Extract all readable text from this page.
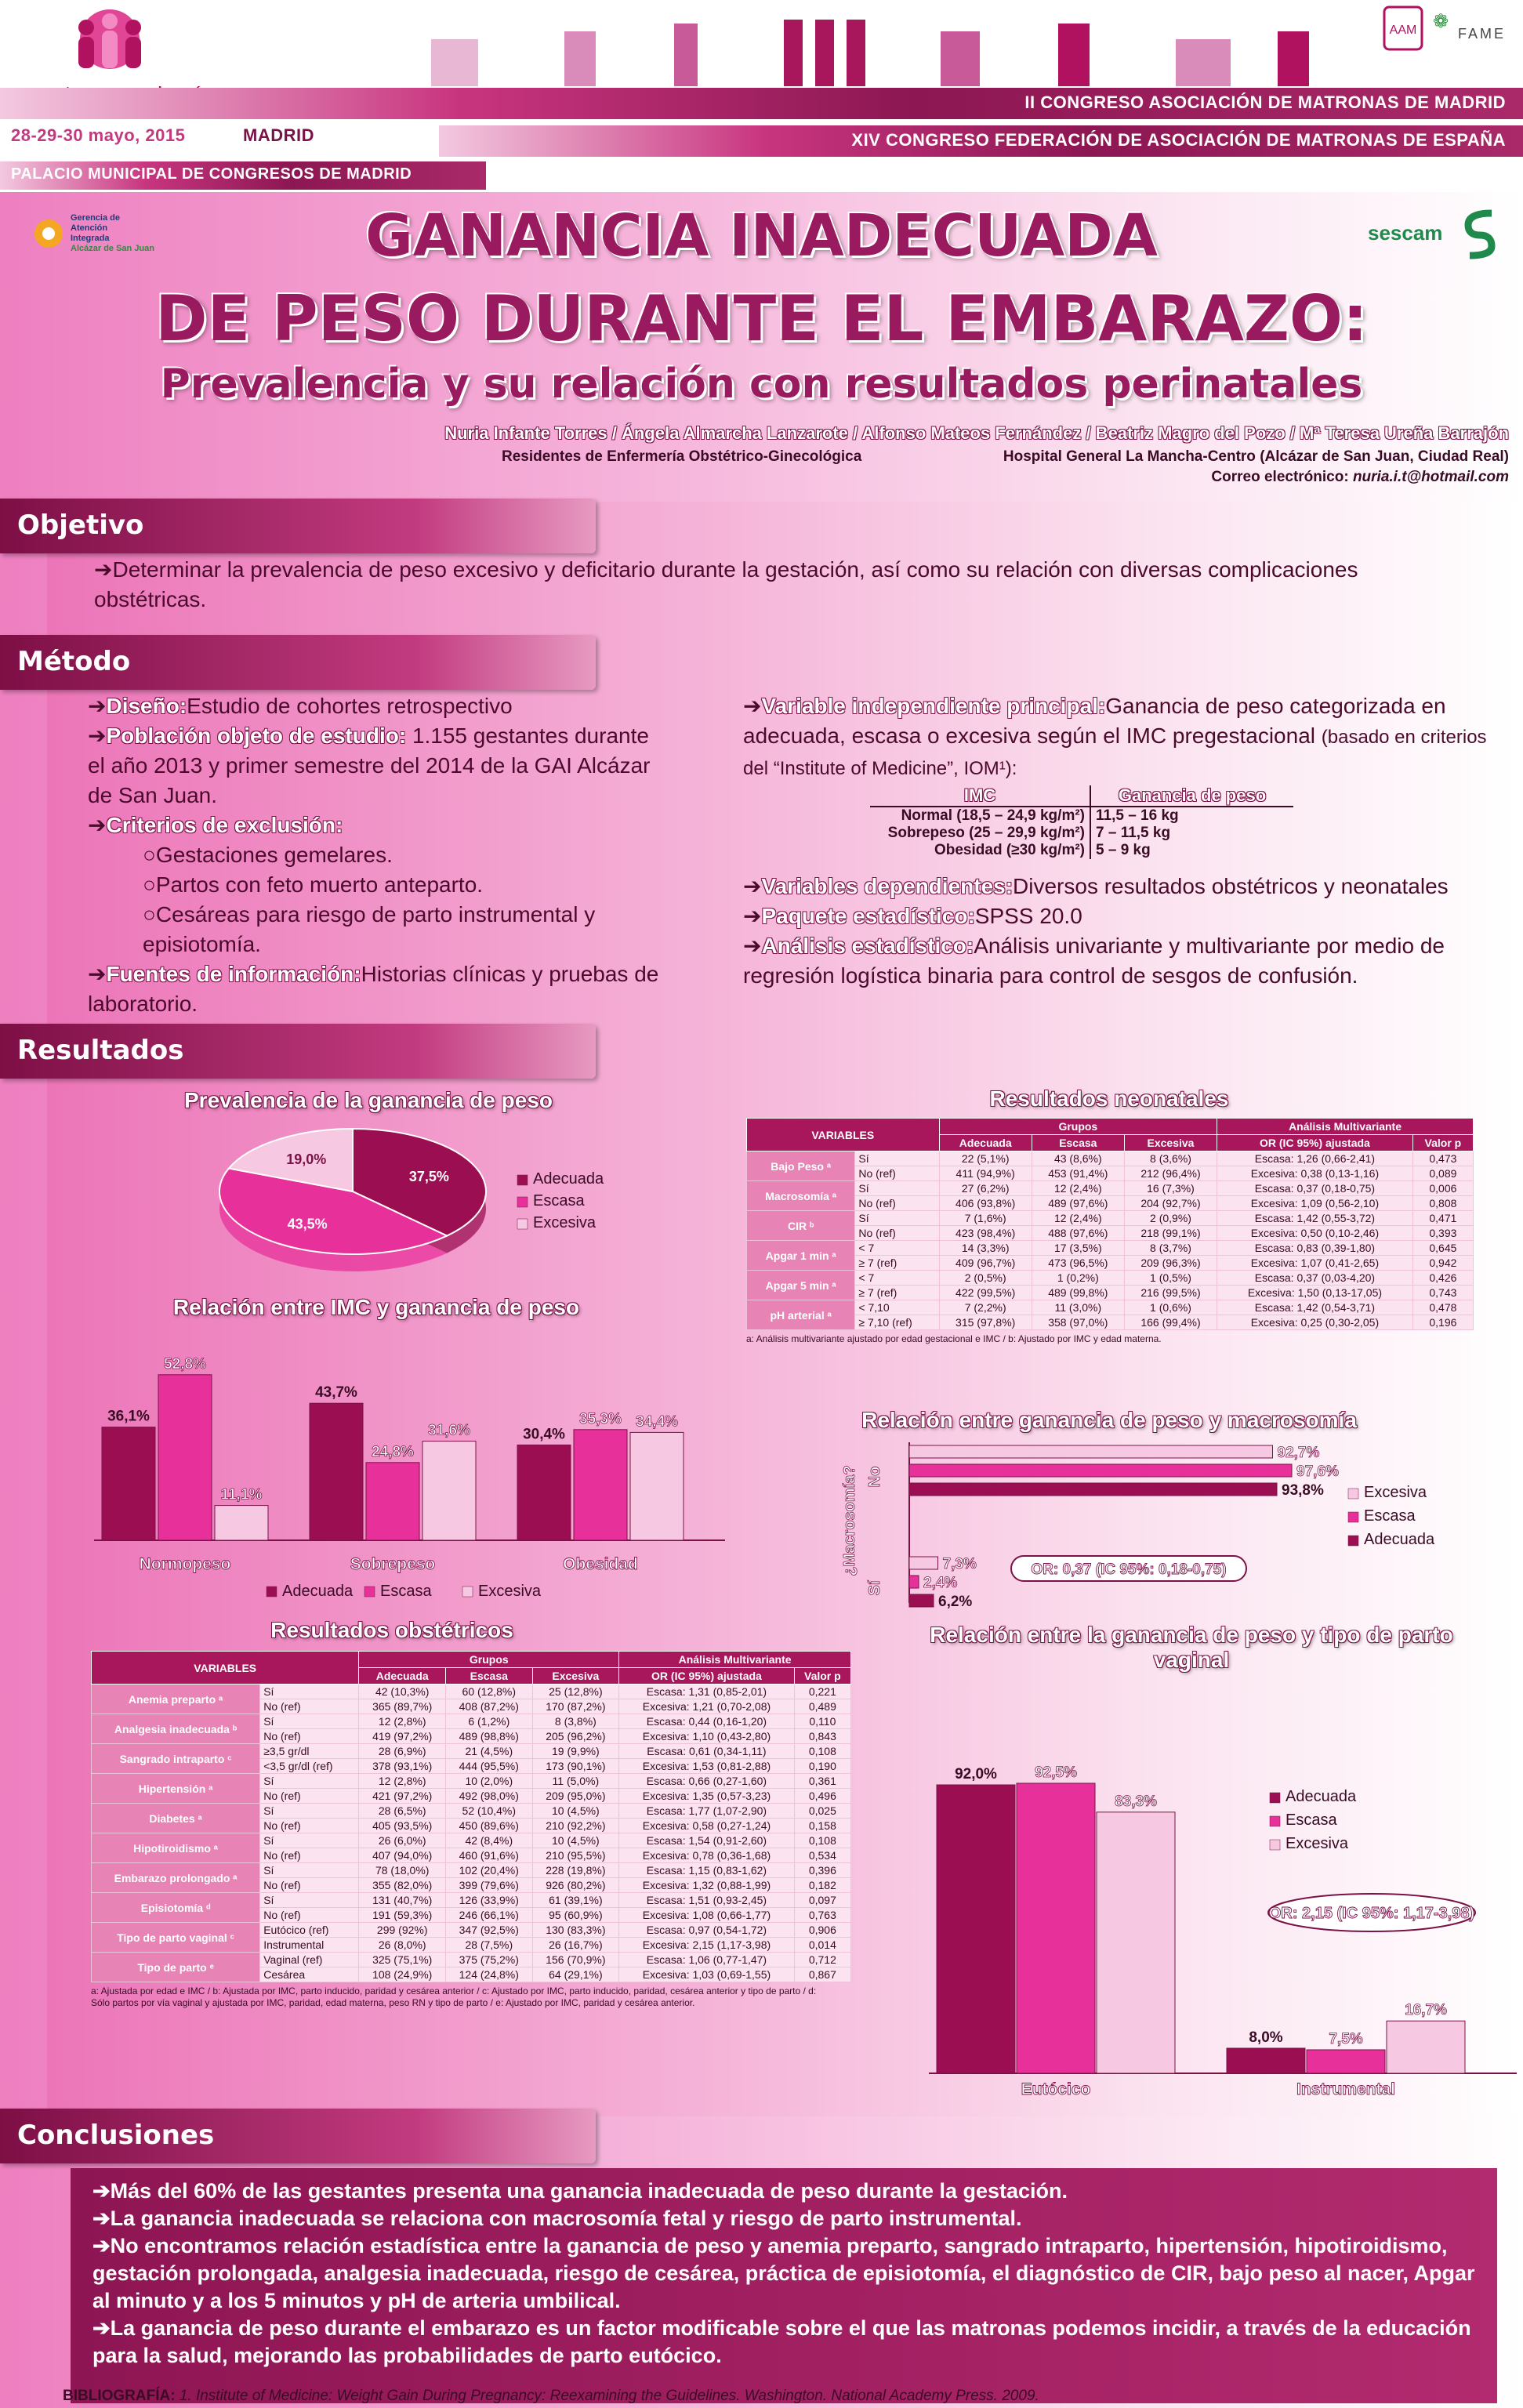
AAM ❁
FAME
II CONGRESO ASOCIACIÓN DE MATRONAS DE MADRID
28-29-30 mayo, 2015	MADRID	XIV CONGRESO FEDERACIÓN DE ASOCIACIÓN DE MATRONAS DE ESPAÑA
PALACIO MUNICIPAL DE CONGRESOS DE MADRID
Gerencia de
Atención
Integrada
Alcázar de San Juan
sescam
GANANCIA INADECUADA
DE PESO DURANTE EL EMBARAZO:
Prevalencia y su relación con resultados perinatales
Nuria Infante Torres / Ángela Almarcha Lanzarote / Alfonso Mateos Fernández / Beatriz Magro del Pozo / Mª Teresa Ureña Barrajón
Residentes de Enfermería Obstétrico-Ginecológica	Hospital General La Mancha-Centro (Alcázar de San Juan, Ciudad Real)
Correo electrónico: nuria.i.t@hotmail.com
Objetivo
➔Determinar la prevalencia de peso excesivo y deficitario durante la gestación, así como su relación con diversas complicaciones obstétricas.
Método
➔Diseño:Estudio de cohortes retrospectivo
➔Población objeto de estudio: 1.155 gestantes durante el año 2013 y primer semestre del 2014 de la GAI Alcázar de San Juan.
➔Criterios de exclusión:
○Gestaciones gemelares.
○Partos con feto muerto anteparto.
○Cesáreas para riesgo de parto instrumental y episiotomía.
➔Fuentes de información:Historias clínicas y pruebas de laboratorio.
➔Variable independiente principal:Ganancia de peso categorizada en adecuada, escasa o excesiva según el IMC pregestacional (basado en criterios del “Institute of Medicine”, IOM¹):
IMC	Ganancia de peso
Normal (18,5 – 24,9 kg/m²) 11,5 – 16 kg
Sobrepeso (25 – 29,9 kg/m²) 7 – 11,5 kg
Obesidad (≥30 kg/m²) 5 – 9 kg
➔Variables dependientes:Diversos resultados obstétricos y neonatales
➔Paquete estadístico:SPSS 20.0
➔Análisis estadístico:Análisis univariante y multivariante por medio de regresión logística binaria para control de sesgos de confusión.
Resultados
Prevalencia de la ganancia de peso
37,5%
43,5%
19,0%
Adecuada
Escasa
Excesiva
Relación entre IMC y ganancia de peso
36,1%
52,8%
11,1%
Normopeso
43,7%
24,8%
31,6%
Sobrepeso
30,4%
35,3% 34,4%
Obesidad
Adecuada Escasa	Excesiva
Resultados neonatales
VARIABLES		Grupos			Análisis Multivariante	
		Adecuada	Escasa	Excesiva	OR (IC 95%) ajustada	Valor p
Bajo Peso ᵃ	Sí	22 (5,1%)	43 (8,6%)	8 (3,6%)	Escasa: 1,26 (0,66-2,41)	0,473
	No (ref)	411 (94,9%)	453 (91,4%)	212 (96,4%)	Excesiva: 0,38 (0,13-1,16)	0,089
Macrosomía ᵃ	Sí	27 (6,2%)	12 (2,4%)	16 (7,3%)	Escasa: 0,37 (0,18-0,75)	0,006
	No (ref)	406 (93,8%)	489 (97,6%)	204 (92,7%)	Excesiva: 1,09 (0,56-2,10)	0,808
CIR ᵇ	Sí	7 (1,6%)	12 (2,4%)	2 (0,9%)	Escasa: 1,42 (0,55-3,72)	0,471
	No (ref)	423 (98,4%)	488 (97,6%)	218 (99,1%)	Excesiva: 0,50 (0,10-2,46)	0,393
Apgar 1 min ᵃ	< 7	14 (3,3%)	17 (3,5%)	8 (3,7%)	Escasa: 0,83 (0,39-1,80)	0,645
	≥ 7 (ref)	409 (96,7%)	473 (96,5%)	209 (96,3%)	Excesiva: 1,07 (0,41-2,65)	0,942
Apgar 5 min ᵃ	< 7	2 (0,5%)	1 (0,2%)	1 (0,5%)	Escasa: 0,37 (0,03-4,20)	0,426
	≥ 7 (ref)	422 (99,5%)	489 (99,8%)	216 (99,5%)	Excesiva: 1,50 (0,13-17,05)	0,743
pH arterial ᵃ	< 7,10	7 (2,2%)	11 (3,0%)	1 (0,6%)	Escasa: 1,42 (0,54-3,71)	0,478
	≥ 7,10 (ref)	315 (97,8%)	358 (97,0%)	166 (99,4%)	Excesiva: 0,25 (0,30-2,05)	0,196
a: Análisis multivariante ajustado por edad gestacional e IMC / b: Ajustado por IMC y edad materna.
Relación entre ganancia de peso y macrosomía
¿Macrosomía?
92,7%
97,6%
93,8%
No
7,3%
2,4%
6,2%
Sí
Excesiva
Escasa
Adecuada
OR: 0,37 (IC 95%: 0,18-0,75)
Resultados obstétricos
VARIABLES		Grupos			Análisis Multivariante	
		Adecuada	Escasa	Excesiva	OR (IC 95%) ajustada	Valor p
Anemia preparto ᵃ	Sí	42 (10,3%)	60 (12,8%)	25 (12,8%)	Escasa: 1,31 (0,85-2,01)	0,221
	No (ref)	365 (89,7%)	408 (87,2%)	170 (87,2%)	Excesiva: 1,21 (0,70-2,08)	0,489
Analgesia inadecuada ᵇ	Sí	12 (2,8%)	6 (1,2%)	8 (3,8%)	Escasa: 0,44 (0,16-1,20)	0,110
	No (ref)	419 (97,2%)	489 (98,8%)	205 (96,2%)	Excesiva: 1,10 (0,43-2,80)	0,843
Sangrado intraparto ᶜ	≥3,5 gr/dl	28 (6,9%)	21 (4,5%)	19 (9,9%)	Escasa: 0,61 (0,34-1,11)	0,108
	<3,5 gr/dl (ref)	378 (93,1%)	444 (95,5%)	173 (90,1%)	Excesiva: 1,53 (0,81-2,88)	0,190
Hipertensión ᵃ	Sí	12 (2,8%)	10 (2,0%)	11 (5,0%)	Escasa: 0,66 (0,27-1,60)	0,361
	No (ref)	421 (97,2%)	492 (98,0%)	209 (95,0%)	Excesiva: 1,35 (0,57-3,23)	0,496
Diabetes ᵃ	Sí	28 (6,5%)	52 (10,4%)	10 (4,5%)	Escasa: 1,77 (1,07-2,90)	0,025
	No (ref)	405 (93,5%)	450 (89,6%)	210 (92,2%)	Excesiva: 0,58 (0,27-1,24)	0,158
Hipotiroidismo ᵃ	Sí	26 (6,0%)	42 (8,4%)	10 (4,5%)	Escasa: 1,54 (0,91-2,60)	0,108
	No (ref)	407 (94,0%)	460 (91,6%)	210 (95,5%)	Excesiva: 0,78 (0,36-1,68)	0,534
Embarazo prolongado ᵃ	Sí	78 (18,0%)	102 (20,4%)	228 (19,8%)	Escasa: 1,15 (0,83-1,62)	0,396
	No (ref)	355 (82,0%)	399 (79,6%)	926 (80,2%)	Excesiva: 1,32 (0,88-1,99)	0,182
Episiotomía ᵈ	Sí	131 (40,7%)	126 (33,9%)	61 (39,1%)	Escasa: 1,51 (0,93-2,45)	0,097
	No (ref)	191 (59,3%)	246 (66,1%)	95 (60,9%)	Excesiva: 1,08 (0,66-1,77)	0,763
Tipo de parto vaginal ᶜ	Eutócico (ref)	299 (92%)	347 (92,5%)	130 (83,3%)	Escasa: 0,97 (0,54-1,72)	0,906
	Instrumental	26 (8,0%)	28 (7,5%)	26 (16,7%)	Excesiva: 2,15 (1,17-3,98)	0,014
Tipo de parto ᵉ	Vaginal (ref)	325 (75,1%)	375 (75,2%)	156 (70,9%)	Escasa: 1,06 (0,77-1,47)	0,712
	Cesárea	108 (24,9%)	124 (24,8%)	64 (29,1%)	Excesiva: 1,03 (0,69-1,55)	0,867
a: Ajustada por edad e IMC / b: Ajustada por IMC, parto inducido, paridad y cesárea anterior / c: Ajustado por IMC, parto inducido, paridad, cesárea anterior y tipo de parto / d: Sólo partos por vía vaginal y ajustada por IMC, paridad, edad materna, peso RN y tipo de parto / e: Ajustado por IMC, paridad y cesárea anterior.
Relación entre la ganancia de peso y tipo de parto vaginal
92,0%	92,5%
83,3%
Eutócico
8,0%	7,5%
16,7%
Instrumental
Adecuada
Escasa
Excesiva
OR: 2,15 (IC 95%: 1,17-3,98)
Conclusiones
➔Más del 60% de las gestantes presenta una ganancia inadecuada de peso durante la gestación.
➔La ganancia inadecuada se relaciona con macrosomía fetal y riesgo de parto instrumental.
➔No encontramos relación estadística entre la ganancia de peso y anemia preparto, sangrado intraparto, hipertensión, hipotiroidismo, gestación prolongada, analgesia inadecuada, riesgo de cesárea, práctica de episiotomía, el diagnóstico de CIR, bajo peso al nacer, Apgar al minuto y a los 5 minutos y pH de arteria umbilical.
➔La ganancia de peso durante el embarazo es un factor modificable sobre el que las matronas podemos incidir, a través de la educación para la salud, mejorando las probabilidades de parto eutócico.
BIBLIOGRAFÍA: 1. Institute of Medicine: Weight Gain During Pregnancy: Reexamining the Guidelines. Washington. National Academy Press. 2009.
